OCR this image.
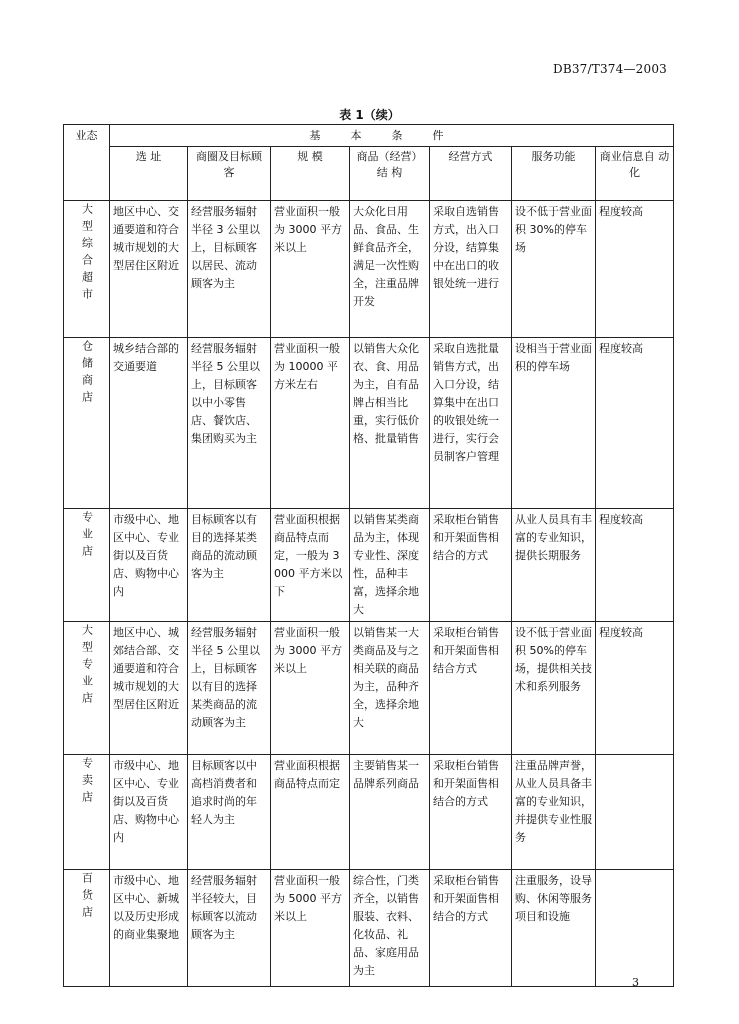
DB37/T374—2003
表 1（续）
业态	基本条件						
	选 址	商圈及目标顾客	规 模	商品（经营）结 构	经营方式	服务功能	商业信息自 动 化
大型综合超市	地区中心、交通要道和符合城市规划的大型居住区附近	经营服务辐射半径 3 公里以上，目标顾客以居民、流动顾客为主	营业面积一般为 3000 平方米以上	大众化日用品、食品、生鲜食品齐全，满足一次性购全，注重品牌开发	采取自选销售方式，出入口分设，结算集中在出口的收银处统一进行	设不低于营业面积 30%的停车场	程度较高
仓储商店	城乡结合部的交通要道	经营服务辐射半径 5 公里以上，目标顾客以中小零售店、餐饮店、集团购买为主	营业面积一般为 10000 平方米左右	以销售大众化衣、食、用品为主，自有品牌占相当比重，实行低价格、批量销售	采取自选批量销售方式，出入口分设，结算集中在出口的收银处统一进行，实行会员制客户管理	设相当于营业面积的停车场	程度较高
专业店	市级中心、地区中心、专业街以及百货店、购物中心内	目标顾客以有目的选择某类商品的流动顾客为主	营业面积根据商品特点而定，一般为 3000 平方米以下	以销售某类商品为主，体现专业性、深度性，品种丰富，选择余地大	采取柜台销售和开架面售相结合的方式	从业人员具有丰富的专业知识，提供长期服务	程度较高
大型专业店	地区中心、城郊结合部、交通要道和符合城市规划的大型居住区附近	经营服务辐射半径 5 公里以上，目标顾客以有目的选择某类商品的流动顾客为主	营业面积一般为 3000 平方米以上	以销售某一大类商品及与之相关联的商品为主，品种齐全，选择余地大	采取柜台销售和开架面售相结合方式	设不低于营业面积 50%的停车场，提供相关技术和系列服务	程度较高
专卖店	市级中心、地区中心、专业街以及百货店、购物中心内	目标顾客以中高档消费者和追求时尚的年轻人为主	营业面积根据商品特点而定	主要销售某一品牌系列商品	采取柜台销售和开架面售相结合的方式	注重品牌声誉，从业人员具备丰富的专业知识，并提供专业性服务	
百货店	市级中心、地区中心、新城以及历史形成的商业集聚地	经营服务辐射半径较大，目标顾客以流动顾客为主	营业面积一般为 5000 平方米以上	综合性，门类齐全，以销售服装、衣料、化妆品、礼品、家庭用品为主	采取柜台销售和开架面售相结合的方式	注重服务，设导购、休闲等服务项目和设施	
3
